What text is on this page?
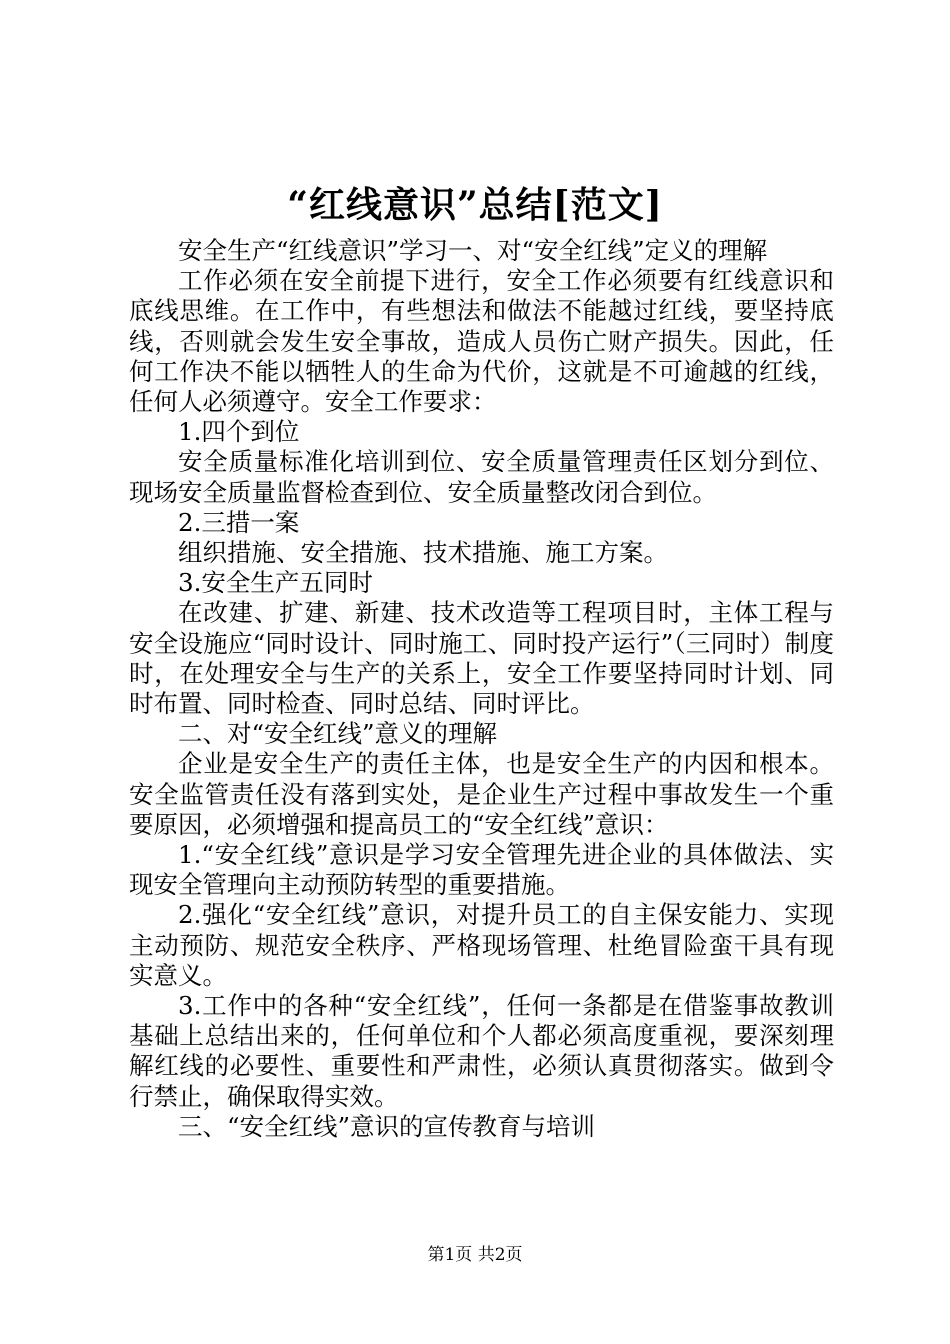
“红线意识”总结[范文]

安全生产“红线意识”学习一、对“安全红线”定义的理解

工作必须在安全前提下进行，安全工作必须要有红线意识和底线思维。在工作中，有些想法和做法不能越过红线，要坚持底线，否则就会发生安全事故，造成人员伤亡财产损失。因此，任何工作决不能以牺牲人的生命为代价，这就是不可逾越的红线，任何人必须遵守。安全工作要求：

1.四个到位

安全质量标准化培训到位、安全质量管理责任区划分到位、现场安全质量监督检查到位、安全质量整改闭合到位。

2.三措一案

组织措施、安全措施、技术措施、施工方案。

3.安全生产五同时

在改建、扩建、新建、技术改造等工程项目时，主体工程与安全设施应“同时设计、同时施工、同时投产运行”（三同时）制度时，在处理安全与生产的关系上，安全工作要坚持同时计划、同时布置、同时检查、同时总结、同时评比。

二、对“安全红线”意义的理解

企业是安全生产的责任主体，也是安全生产的内因和根本。安全监管责任没有落到实处，是企业生产过程中事故发生一个重要原因，必须增强和提高员工的“安全红线”意识：

1.“安全红线”意识是学习安全管理先进企业的具体做法、实现安全管理向主动预防转型的重要措施。

2.强化“安全红线”意识，对提升员工的自主保安能力、实现主动预防、规范安全秩序、严格现场管理、杜绝冒险蛮干具有现实意义。

3.工作中的各种“安全红线”，任何一条都是在借鉴事故教训基础上总结出来的，任何单位和个人都必须高度重视，要深刻理解红线的必要性、重要性和严肃性，必须认真贯彻落实。做到令行禁止，确保取得实效。

三、“安全红线”意识的宣传教育与培训

第1页 共2页
